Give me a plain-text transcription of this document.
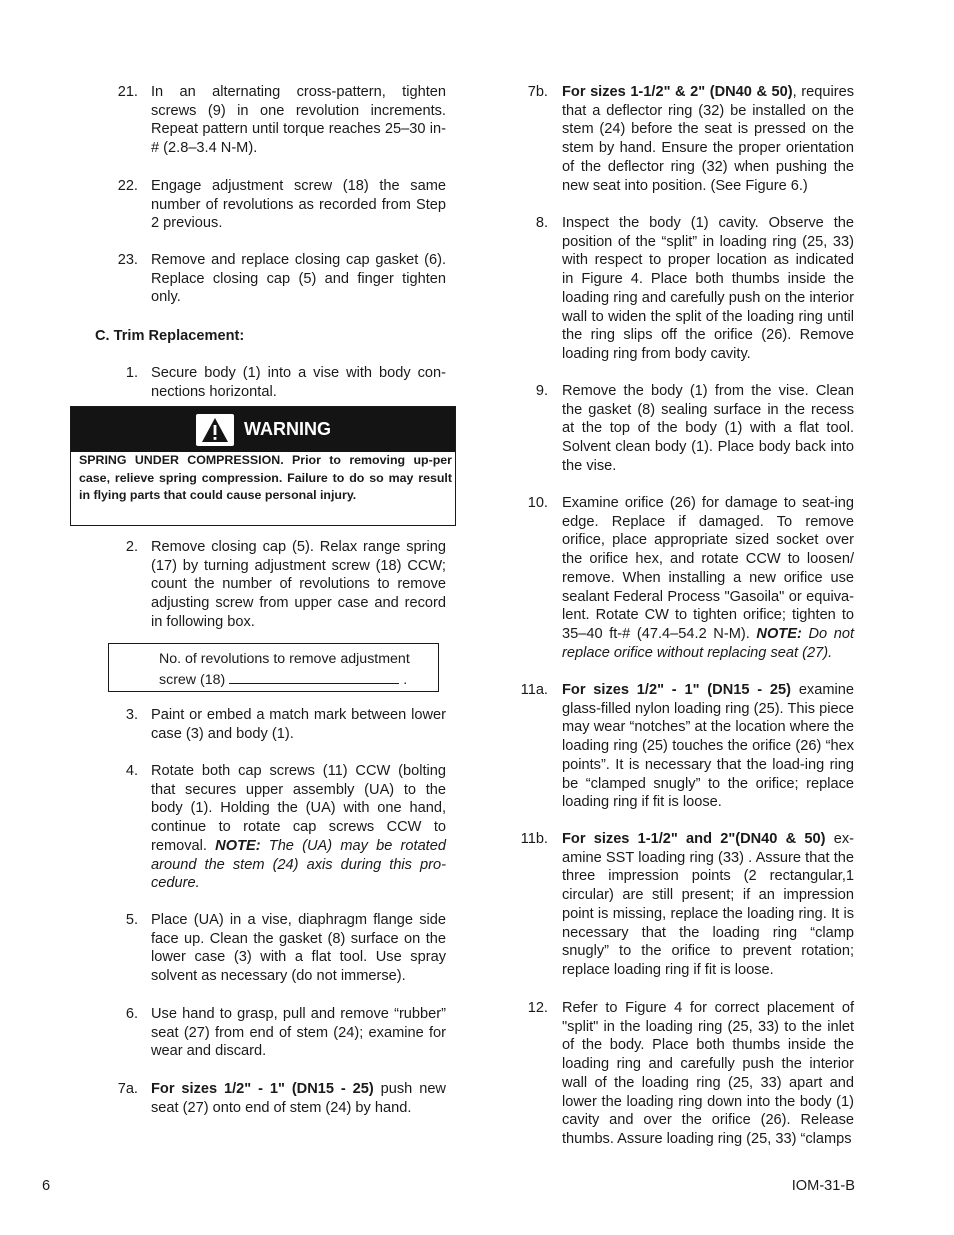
21. In an alternating cross-pattern, tighten screws (9) in one revolution increments. Repeat pattern until torque reaches 25–30 in-# (2.8–3.4 N-M).
22. Engage adjustment screw (18) the same number of revolutions as recorded from Step 2 previous.
23. Remove and replace closing cap gasket (6). Replace closing cap (5) and finger tighten only.
C. Trim Replacement:
1. Secure body (1) into a vise with body con-nections horizontal.
WARNING
SPRING UNDER COMPRESSION. Prior to removing up-per case, relieve spring compression. Failure to do so may result in flying parts that could cause personal injury.
2. Remove closing cap (5). Relax range spring (17) by turning adjustment screw (18) CCW; count the number of revolutions to remove adjusting screw from upper case and record in following box.
No. of revolutions to remove adjustment
screw (18)	.
3. Paint or embed a match mark between lower case (3) and body (1).
4. Rotate both cap screws (11) CCW (bolting that secures upper assembly (UA) to the body (1). Holding the (UA) with one hand, continue to rotate cap screws CCW to removal. NOTE: The (UA) may be rotated around the stem (24) axis during this pro-cedure.
5. Place (UA) in a vise, diaphragm flange side face up. Clean the gasket (8) surface on the lower case (3) with a flat tool. Use spray solvent as necessary (do not immerse).
6. Use hand to grasp, pull and remove “rubber” seat (27) from end of stem (24); examine for wear and discard.
7a. For sizes 1/2" - 1" (DN15 - 25) push new seat (27) onto end of stem (24) by hand.
7b. For sizes 1-1/2" & 2" (DN40 & 50), requires that a deflector ring (32) be installed on the stem (24) before the seat is pressed on the stem by hand. Ensure the proper orientation of the deflector ring (32) when pushing the new seat into position. (See Figure 6.)
8. Inspect the body (1) cavity. Observe the position of the “split” in loading ring (25, 33) with respect to proper location as indicated in Figure 4. Place both thumbs inside the loading ring and carefully push on the interior wall to widen the split of the loading ring until the ring slips off the orifice (26). Remove loading ring from body cavity.
9. Remove the body (1) from the vise. Clean the gasket (8) sealing surface in the recess at the top of the body (1) with a flat tool. Solvent clean body (1). Place body back into the vise.
10. Examine orifice (26) for damage to seat-ing edge. Replace if damaged. To remove orifice, place appropriate sized socket over the orifice hex, and rotate CCW to loosen/ remove. When installing a new orifice use sealant Federal Process "Gasoila" or equiva-lent. Rotate CW to tighten orifice; tighten to 35–40 ft-# (47.4–54.2 N-M). NOTE: Do not replace orifice without replacing seat (27).
11a. For sizes 1/2" - 1" (DN15 - 25) examine glass-filled nylon loading ring (25). This piece may wear “notches” at the location where the loading ring (25) touches the orifice (26) “hex points”. It is necessary that the load-ing ring be “clamped snugly” to the orifice; replace loading ring if fit is loose.
11b. For sizes 1-1/2" and 2"(DN40 & 50) ex-amine SST loading ring (33) . Assure that the three impression points (2 rectangular,1 circular) are still present; if an impression point is missing, replace the loading ring. It is necessary that the loading ring “clamp snugly” to the orifice to prevent rotation; replace loading ring if fit is loose.
12. Refer to Figure 4 for correct placement of "split" in the loading ring (25, 33) to the inlet of the body. Place both thumbs inside the loading ring and carefully push the interior wall of the loading ring (25, 33) apart and lower the loading ring down into the body (1) cavity and over the orifice (26). Release thumbs. Assure loading ring (25, 33) “clamps
6	IOM-31-B
